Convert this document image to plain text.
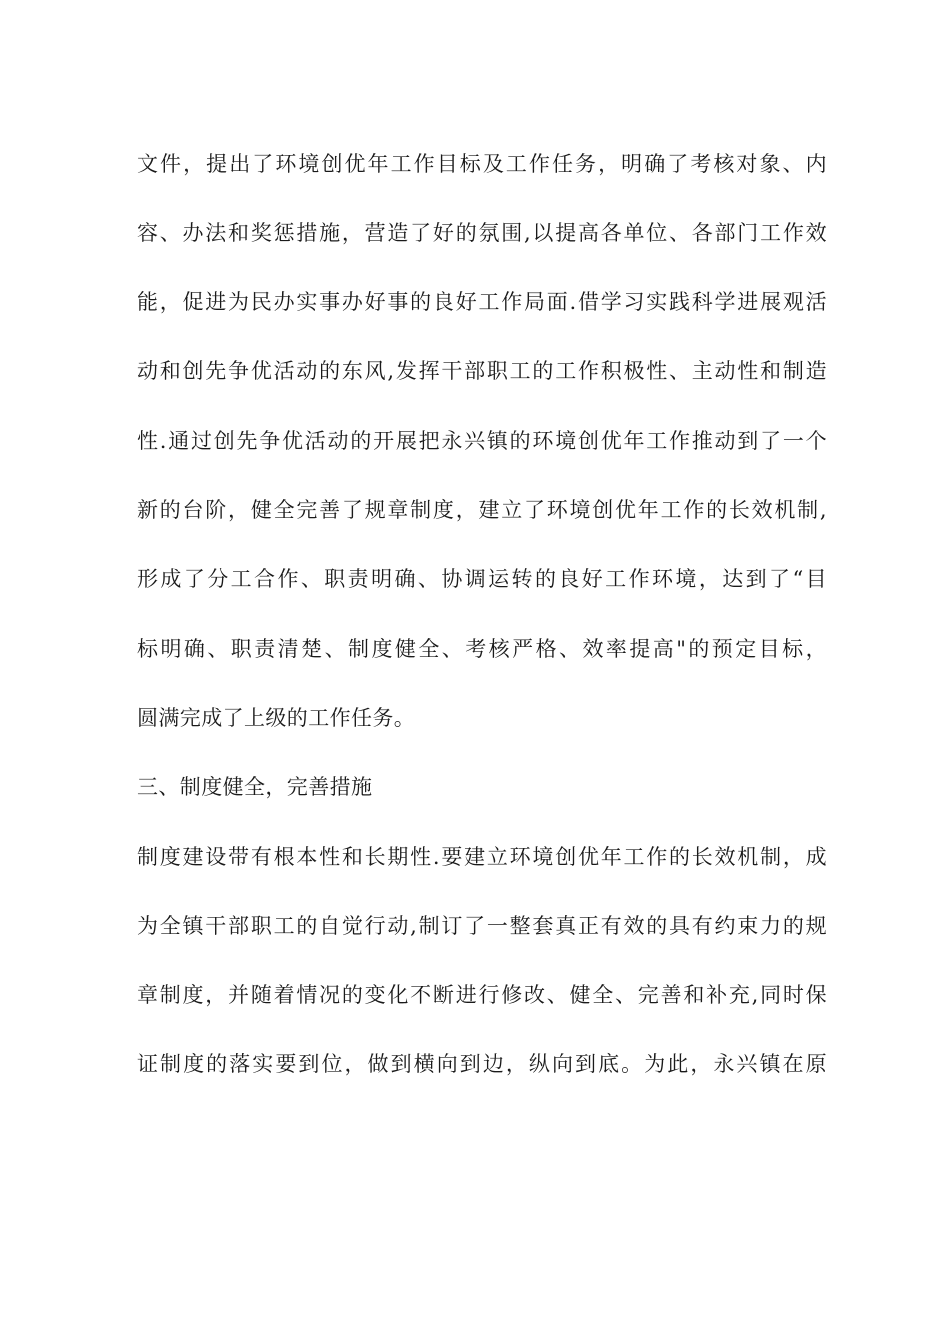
文件，提出了环境创优年工作目标及工作任务，明确了考核对象、内
容、办法和奖惩措施，营造了好的氛围,以提高各单位、各部门工作效
能，促进为民办实事办好事的良好工作局面.借学习实践科学进展观活
动和创先争优活动的东风,发挥干部职工的工作积极性、主动性和制造
性.通过创先争优活动的开展把永兴镇的环境创优年工作推动到了一个
新的台阶，健全完善了规章制度，建立了环境创优年工作的长效机制,
形成了分工合作、职责明确、协调运转的良好工作环境，达到了“目
标明确、职责清楚、制度健全、考核严格、效率提高"的预定目标，
圆满完成了上级的工作任务。
三、制度健全，完善措施
制度建设带有根本性和长期性.要建立环境创优年工作的长效机制，成
为全镇干部职工的自觉行动,制订了一整套真正有效的具有约束力的规
章制度，并随着情况的变化不断进行修改、健全、完善和补充,同时保
证制度的落实要到位，做到横向到边，纵向到底。为此，永兴镇在原
